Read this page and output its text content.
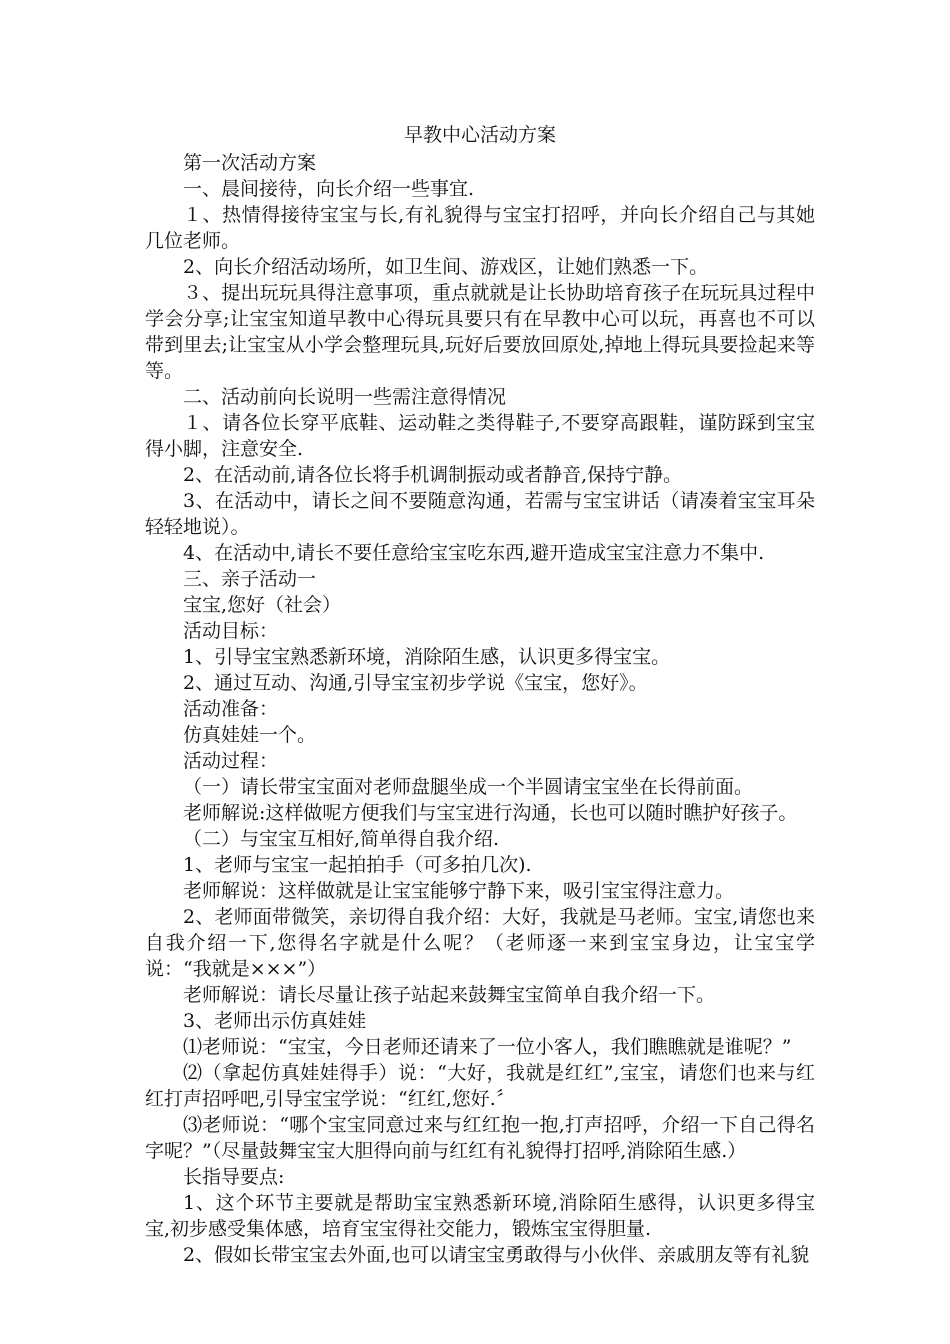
早教中心活动方案

第一次活动方案

一、晨间接待，向长介绍一些事宜.

１、热情得接待宝宝与长,有礼貌得与宝宝打招呼，并向长介绍自己与其她几位老师。

2、向长介绍活动场所，如卫生间、游戏区，让她们熟悉一下。

３、提出玩玩具得注意事项，重点就就是让长协助培育孩子在玩玩具过程中学会分享;让宝宝知道早教中心得玩具要只有在早教中心可以玩，再喜也不可以带到里去;让宝宝从小学会整理玩具,玩好后要放回原处,掉地上得玩具要捡起来等等。

二、活动前向长说明一些需注意得情况

１、请各位长穿平底鞋、运动鞋之类得鞋子,不要穿高跟鞋，谨防踩到宝宝得小脚，注意安全.

2、在活动前,请各位长将手机调制振动或者静音,保持宁静。

3、在活动中，请长之间不要随意沟通，若需与宝宝讲话（请凑着宝宝耳朵轻轻地说）。

4、在活动中,请长不要任意给宝宝吃东西,避开造成宝宝注意力不集中.

三、亲子活动一

宝宝,您好（社会）

活动目标：

1、引导宝宝熟悉新环境，消除陌生感，认识更多得宝宝。

2、通过互动、沟通,引导宝宝初步学说《宝宝，您好》。

活动准备：

仿真娃娃一个。

活动过程：

（一）请长带宝宝面对老师盘腿坐成一个半圆请宝宝坐在长得前面。

老师解说:这样做呢方便我们与宝宝进行沟通，长也可以随时瞧护好孩子。

（二）与宝宝互相好,简单得自我介绍.

1、老师与宝宝一起拍拍手（可多拍几次).

老师解说：这样做就是让宝宝能够宁静下来，吸引宝宝得注意力。

2、老师面带微笑，亲切得自我介绍：大好，我就是马老师。宝宝,请您也来自我介绍一下,您得名字就是什么呢？（老师逐一来到宝宝身边，让宝宝学说：“我就是×××”）

老师解说：请长尽量让孩子站起来鼓舞宝宝简单自我介绍一下。

3、老师出示仿真娃娃

⑴老师说：“宝宝，今日老师还请来了一位小客人，我们瞧瞧就是谁呢？”

⑵（拿起仿真娃娃得手）说：“大好，我就是红红”,宝宝，请您们也来与红红打声招呼吧,引导宝宝学说：“红红,您好.〞

⑶老师说：“哪个宝宝同意过来与红红抱一抱,打声招呼，介绍一下自己得名字呢？”（尽量鼓舞宝宝大胆得向前与红红有礼貌得打招呼,消除陌生感.）

长指导要点:

1、这个环节主要就是帮助宝宝熟悉新环境,消除陌生感得，认识更多得宝宝,初步感受集体感，培育宝宝得社交能力，锻炼宝宝得胆量.

2、假如长带宝宝去外面,也可以请宝宝勇敢得与小伙伴、亲戚朋友等有礼貌
